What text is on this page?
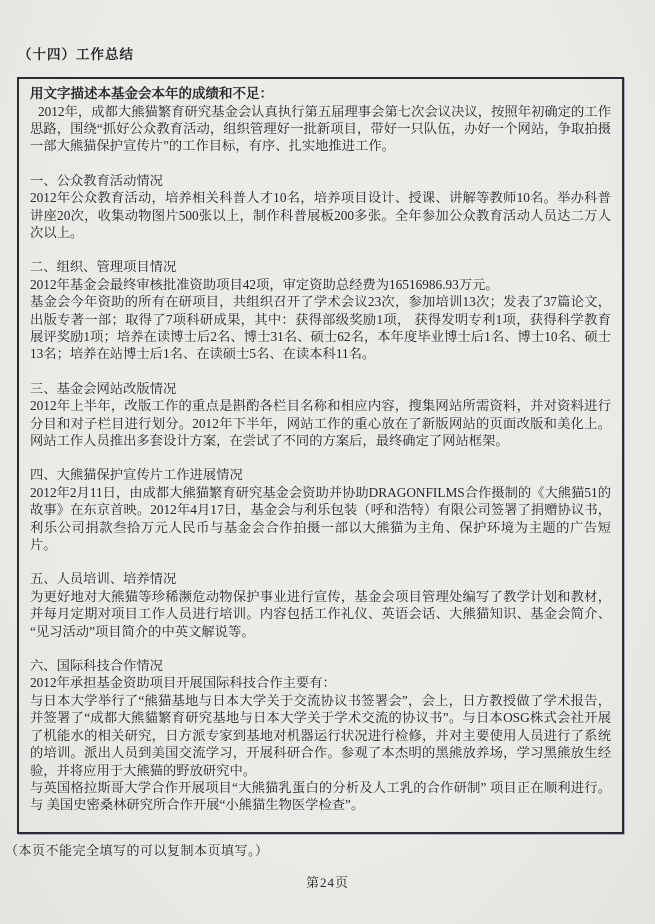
（十四）工作总结

用文字描述本基金会本年的成绩和不足：

2012年，成都大熊猫繁育研究基金会认真执行第五届理事会第七次会议决议，按照年初确定的工作思路，围绕“抓好公众教育活动，组织管理好一批新项目，带好一只队伍，办好一个网站，争取拍摄一部大熊猫保护宣传片”的工作目标，有序、扎实地推进工作。

一、公众教育活动情况

2012年公众教育活动，培养相关科普人才10名，培养项目设计、授课、讲解等教师10名。举办科普讲座20次，收集动物图片500张以上，制作科普展板200多张。全年参加公众教育活动人员达二万人次以上。

二、组织、管理项目情况

2012年基金会最终审核批准资助项目42项，审定资助总经费为16516986.93万元。

基金会今年资助的所有在研项目，共组织召开了学术会议23次，参加培训13次；发表了37篇论文，出版专著一部；取得了7项科研成果，其中：获得部级奖励1项， 获得发明专利1项，获得科学教育展评奖励1项；培养在读博士后2名、博士31名、硕士62名，本年度毕业博士后1名、博士10名、硕士13名；培养在站博士后1名、在读硕士5名、在读本科11名。

三、基金会网站改版情况

2012年上半年，改版工作的重点是斟酌各栏目名称和相应内容，搜集网站所需资料，并对资料进行分目和对子栏目进行划分。2012年下半年，网站工作的重心放在了新版网站的页面改版和美化上。网站工作人员推出多套设计方案，在尝试了不同的方案后，最终确定了网站框架。

四、大熊猫保护宣传片工作进展情况

2012年2月11日，由成都大熊猫繁育研究基金会资助并协助DRAGONFILMS合作摄制的《大熊猫51的故事》在东京首映。2012年4月17日，基金会与利乐包装（呼和浩特）有限公司签署了捐赠协议书，利乐公司捐款叁拾万元人民币与基金会合作拍摄一部以大熊猫为主角、保护环境为主题的广告短片。

五、人员培训、培养情况

为更好地对大熊猫等珍稀濒危动物保护事业进行宣传，基金会项目管理处编写了教学计划和教材，并每月定期对项目工作人员进行培训。内容包括工作礼仪、英语会话、大熊猫知识、基金会简介、“见习活动”项目简介的中英文解说等。

六、国际科技合作情况

2012年承担基金资助项目开展国际科技合作主要有：

与日本大学举行了“熊猫基地与日本大学关于交流协议书签署会”，会上，日方教授做了学术报告，并签署了“成都大熊貓繁育研究基地与日本大学关于学术交流的协议书”。与日本OSG株式会社开展了机能水的相关研究，日方派专家到基地对机器运行状况进行检修，并对主要使用人员进行了系统的培训。派出人员到美国交流学习，开展科研合作。参观了本杰明的黑熊放养场，学习黑熊放生经验，并将应用于大熊猫的野放研究中。

与英国格拉斯哥大学合作开展项目“大熊猫乳蛋白的分析及人工乳的合作研制” 项目正在顺利进行。与 美国史密桑林研究所合作开展“小熊猫生物医学检查”。

（本页不能完全填写的可以复制本页填写。）
第24页
